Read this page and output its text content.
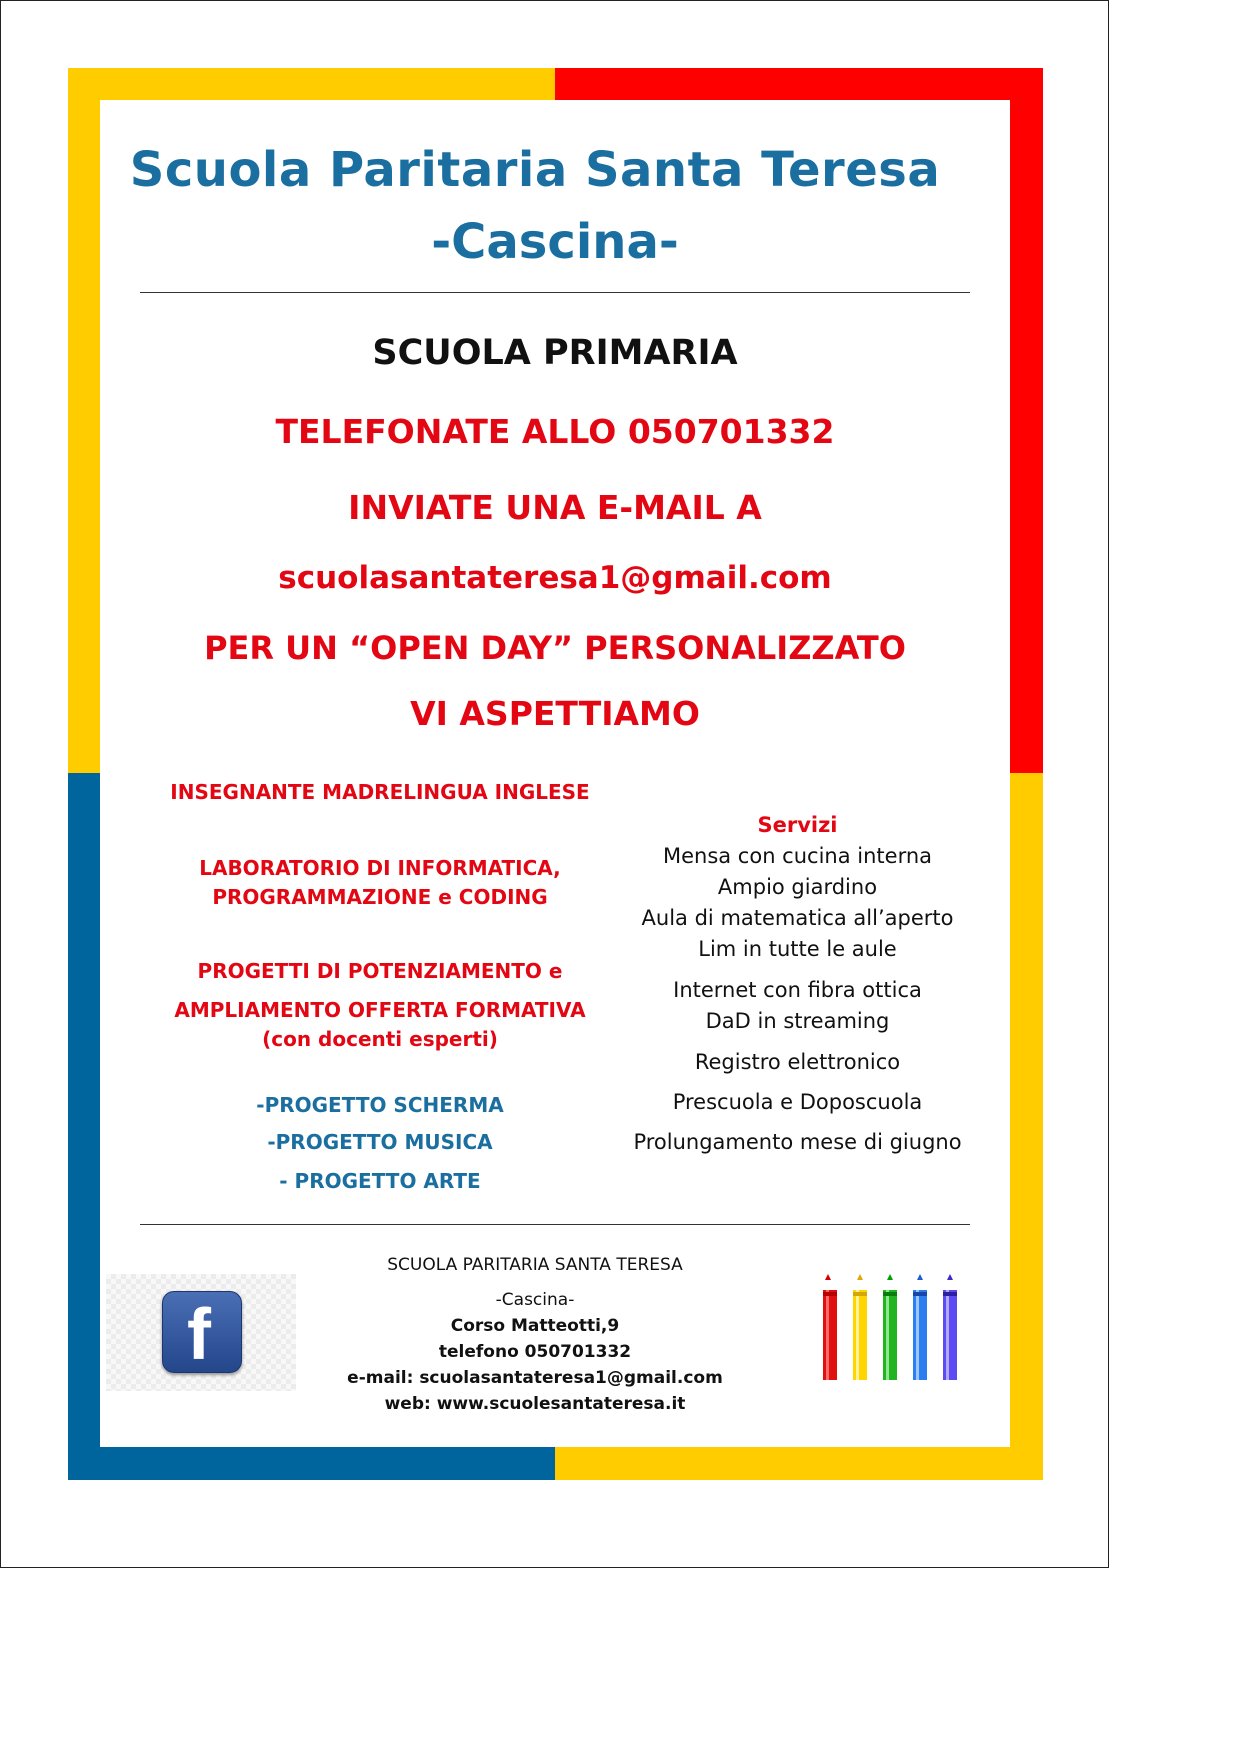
Scuola Paritaria Santa Teresa
-Cascina-
SCUOLA PRIMARIA
TELEFONATE ALLO 050701332
INVIATE UNA E-MAIL A
scuolasantateresa1@gmail.com
PER UN “OPEN DAY” PERSONALIZZATO
VI ASPETTIAMO
INSEGNANTE MADRELINGUA INGLESE
LABORATORIO DI INFORMATICA,
PROGRAMMAZIONE e CODING
PROGETTI DI POTENZIAMENTO e
AMPLIAMENTO OFFERTA FORMATIVA
(con docenti esperti)
-PROGETTO SCHERMA
-PROGETTO MUSICA
- PROGETTO ARTE
Servizi
Mensa con cucina interna
Ampio giardino
Aula di matematica all’aperto
Lim in tutte le aule
Internet con fibra ottica
DaD in streaming
Registro elettronico
Prescuola e Doposcuola
Prolungamento mese di giugno
f
SCUOLA PARITARIA SANTA TERESA
-Cascina-
Corso Matteotti,9
telefono 050701332
e-mail: scuolasantateresa1@gmail.com
web: www.scuolesantateresa.it
